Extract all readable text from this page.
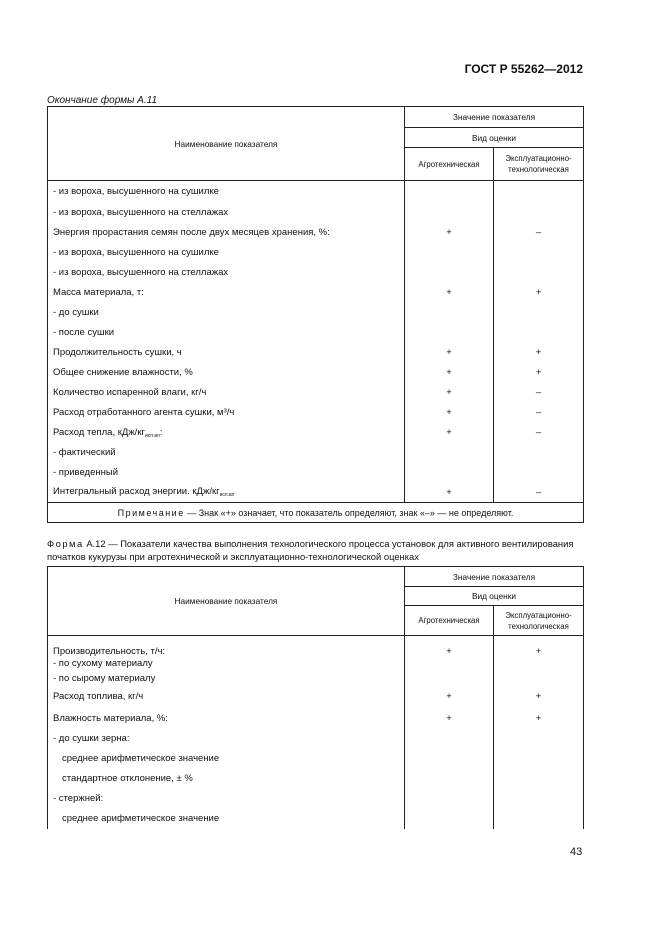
ГОСТ Р 55262—2012
Окончание формы А.11
Наименование показателя	Значение показателя	
	Вид оценки	
	Агротехническая	Эксплуатационно-технологическая
- из вороха, высушенного на сушилке		
- из вороха, высушенного на стеллажах		
Энергия прорастания семян после двух месяцев хранения, %:	+	–
- из вороха, высушенного на сушилке		
- из вороха, высушенного на стеллажах		
Масса материала, т:	+	+
- до сушки		
- после сушки		
Продолжительность сушки, ч	+	+
Общее снижение влажности, %	+	+
Количество испаренной влаги, кг/ч	+	–
Расход отработанного агента сушки, м³/ч	+	–
Расход тепла, кДж/$кг_{исп.вл}$:	+	–
- фактический		
- приведенный		
Интегральный расход энергии. кДж/$кг_{исп.вл}$	+	–
Примечание — Знак «+» означает, что показатель определяют, знак «–» — не определяют.		
Форма А.12 — Показатели качества выполнения технологического процесса установок для активного вентилирования початков кукурузы при агротехнической и эксплуатационно-технологической оценках
Наименование показателя	Значение показателя	
	Вид оценки	
	Агротехническая	Эксплуатационно-технологическая
Производительность, т/ч:	+	+
- по сухому материалу		
- по сырому материалу		
Расход топлива, кг/ч	+	+
Влажность материала, %:	+	+
- до сушки зерна:		
среднее арифметическое значение		
стандартное отклонение, ± %		
- стержней:		
среднее арифметическое значение		
43
